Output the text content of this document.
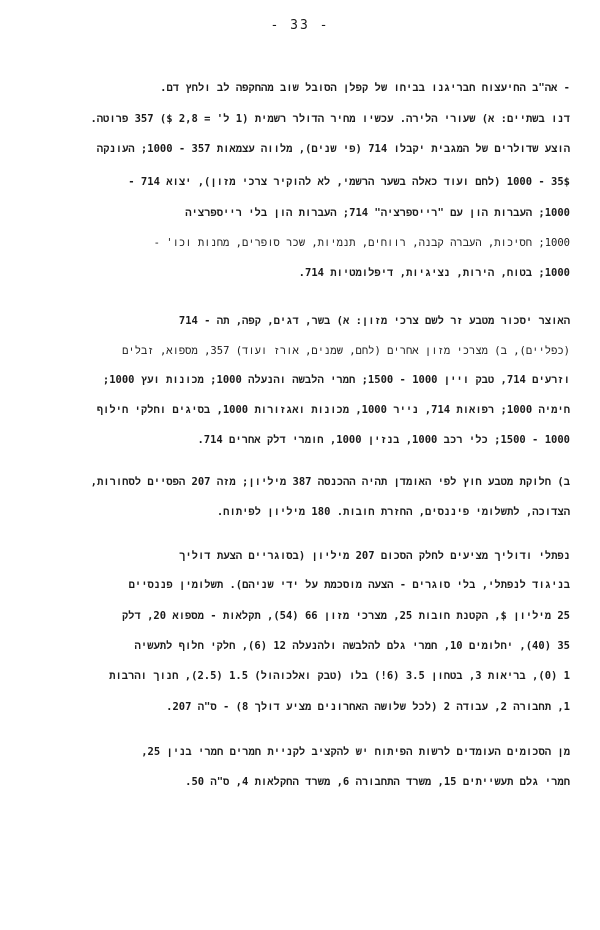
- 33 -
- אה"ב החיעצוח חבריגנו בביחו של קפלן הסובל שוב מהחקפה לב ולחץ דם.
דנו בשתיים: א) שעורי הלירה. עכשיו מחיר הדולר רשמית (1 ל' = 2,8 $) 357 פרוטה.
הוצע שדולרים של המגבית יקבלו 714 (פי שנים), מלווה עצמאות 357 - 1000; העונקה
35$ - 1000 (לחם ועוד כאלה בשער הרשמי, לא להוקיר צרכי מזון), יצוא 714 -
1000; העברות הון עם "רייספרציה" 714; העברות הון בלי רייספרציה
1000; חסיכות, העברה קבנה, רווחים, תנמיות, שכר סופרים, מחנות וכו' -
1000; בטוח, הירות, נציגיות, דיפלומטיות 714.
האוצר יסכור מטבע זר לשם צרכי מזון: א) בשר, דגים, קפה, תה - 714
(כפליים), ב) מצרכי מזון אחרים (לחם, שמנים, אורז ועוד) 357, מספוא, זבלים
וזרעים 714, טבק ויין 1000 - 1500; חמרי הלבשה והנעלה 1000; מכונות ועץ 1000;
חימיה 1000; רפואות 714, נייר 1000, מכונות ואגזורות 1000, בסיגים וחלקי חילוף
1000 - 1500; כלי רכב 1000, בנזין 1000, חומרי דלק אחרים 714.
ב) חלוקת מטבע חוץ לפי האומדן תהיה ההכנסה 387 מיליון; מזה 207 הפסיים לסחורות,
הצדוכה, לתשלומי פיננסים, החזרת חובות. 180 מיליון לפיתוח.
נפתלי ודוליך מציעים לחלק הסכום 207 מיליון (בסוגריים הצעת דוליך
בניגוד לנפתלי, בלי סוגרים - הצעה מוסכמת על ידי שניהם). תשלומין פננסיים
25 מיליון $, הקטנת חובות 25, מצרכי מזון 66 (54), תקלאות - מספוא 20, דלק
35 (40), יחלומים 10, חמרי גלם להלבשה ולהנעלה 12 (6), חלקי חלוף לתעשיה
1 (0), בריאות 3, בטחון 3.5 (6!) בלו (טבק ואלכוהול) 1.5 (2.5), חנוך והרבות
1, תחבורה 2, עבודה 2 (לכל שלושה האחרונים מציע דולך 8) - ס"ה 207.
מן הסכומים העומדים לרשות הפיתוח יש להקציב לקניית חמרים חמרי בנין 25,
חמרי גלם תעשייתים 15, משרד התחבורה 6, משרד החקלאות 4, ס"ה 50.
